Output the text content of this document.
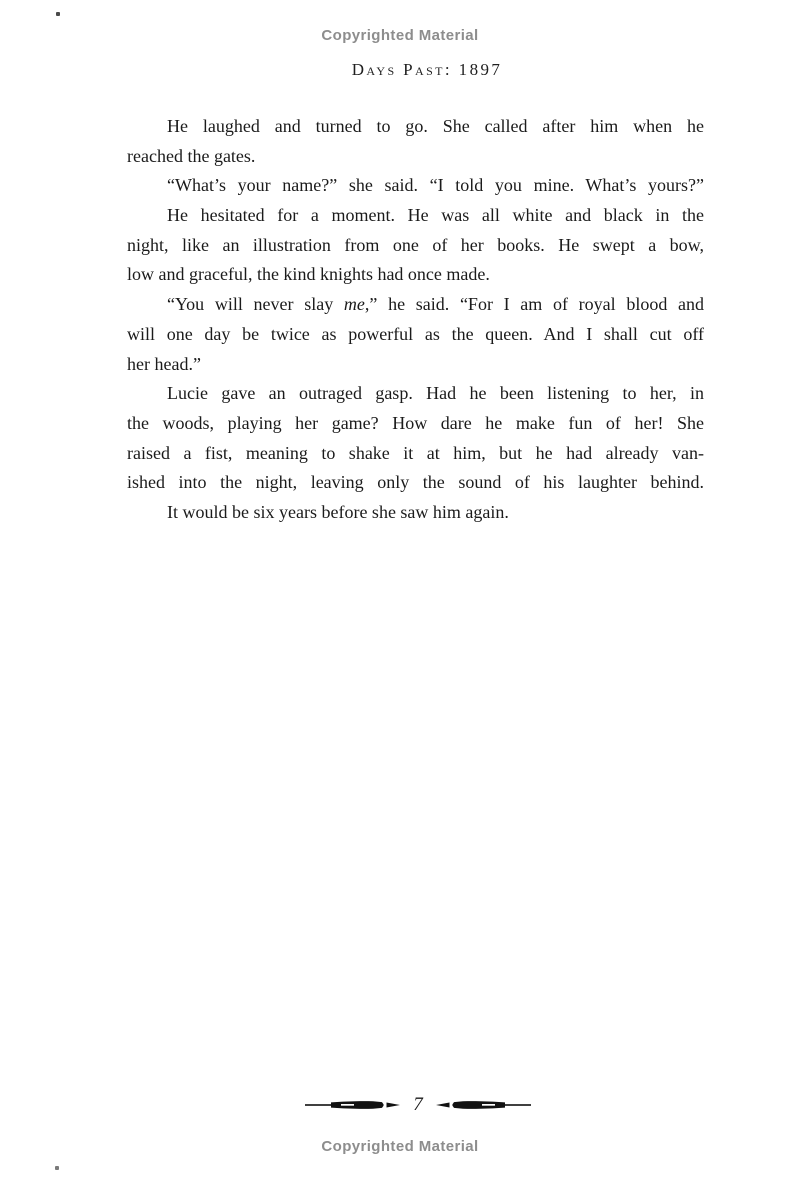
Copyrighted Material
Days Past: 1897
He laughed and turned to go. She called after him when he
reached the gates.
“What’s your name?” she said. “I told you mine. What’s yours?”
He hesitated for a moment. He was all white and black in the
night, like an illustration from one of her books. He swept a bow,
low and graceful, the kind knights had once made.
“You will never slay me,” he said. “For I am of royal blood and
will one day be twice as powerful as the queen. And I shall cut off
her head.”
Lucie gave an outraged gasp. Had he been listening to her, in
the woods, playing her game? How dare he make fun of her! She
raised a fist, meaning to shake it at him, but he had already van-
ished into the night, leaving only the sound of his laughter behind.
It would be six years before she saw him again.
7
Copyrighted Material
